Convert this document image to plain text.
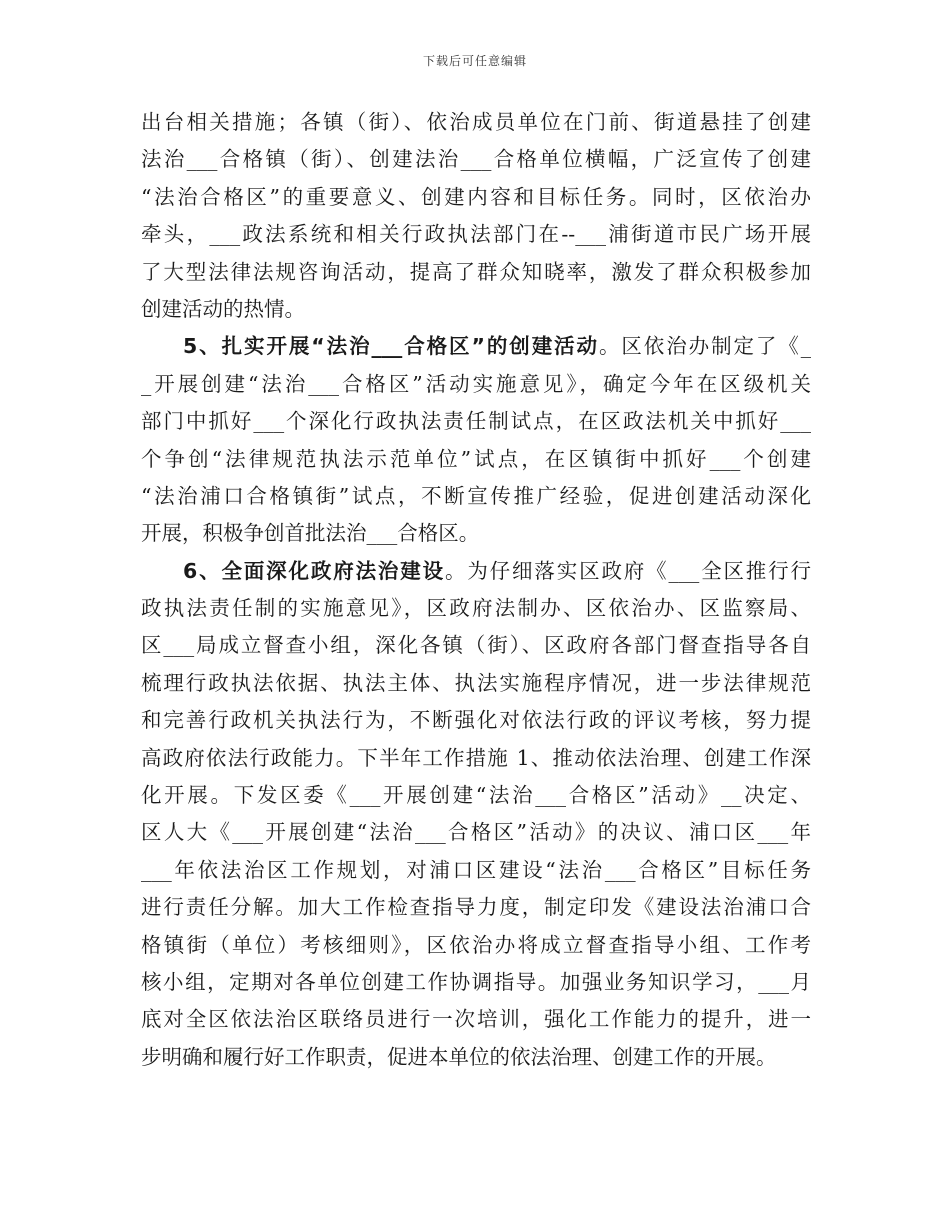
下载后可任意编辑
出台相关措施；各镇（街）、依治成员单位在门前、街道悬挂了创建
法治___合格镇（街）、创建法治___合格单位横幅，广泛宣传了创建
“法治合格区”的重要意义、创建内容和目标任务。同时，区依治办
牵头，___政法系统和相关行政执法部门在--___浦街道市民广场开展
了大型法律法规咨询活动，提高了群众知晓率，激发了群众积极参加
创建活动的热情。
5、扎实开展“法治___合格区”的创建活动。区依治办制定了《_
_开展创建“法治___合格区”活动实施意见》，确定今年在区级机关
部门中抓好___个深化行政执法责任制试点，在区政法机关中抓好___
个争创“法律规范执法示范单位”试点，在区镇街中抓好___个创建
“法治浦口合格镇街”试点，不断宣传推广经验，促进创建活动深化
开展，积极争创首批法治___合格区。
6、全面深化政府法治建设。为仔细落实区政府《___全区推行行
政执法责任制的实施意见》，区政府法制办、区依治办、区监察局、
区___局成立督查小组，深化各镇（街）、区政府各部门督查指导各自
梳理行政执法依据、执法主体、执法实施程序情况，进一步法律规范
和完善行政机关执法行为，不断强化对依法行政的评议考核，努力提
高政府依法行政能力。下半年工作措施 1、推动依法治理、创建工作深
化开展。下发区委《___开展创建“法治___合格区”活动》__决定、
区人大《___开展创建“法治___合格区”活动》的决议、浦口区___年
___年依法治区工作规划，对浦口区建设“法治___合格区”目标任务
进行责任分解。加大工作检查指导力度，制定印发《建设法治浦口合
格镇街（单位）考核细则》，区依治办将成立督查指导小组、工作考
核小组，定期对各单位创建工作协调指导。加强业务知识学习，___月
底对全区依法治区联络员进行一次培训，强化工作能力的提升，进一
步明确和履行好工作职责，促进本单位的依法治理、创建工作的开展。
